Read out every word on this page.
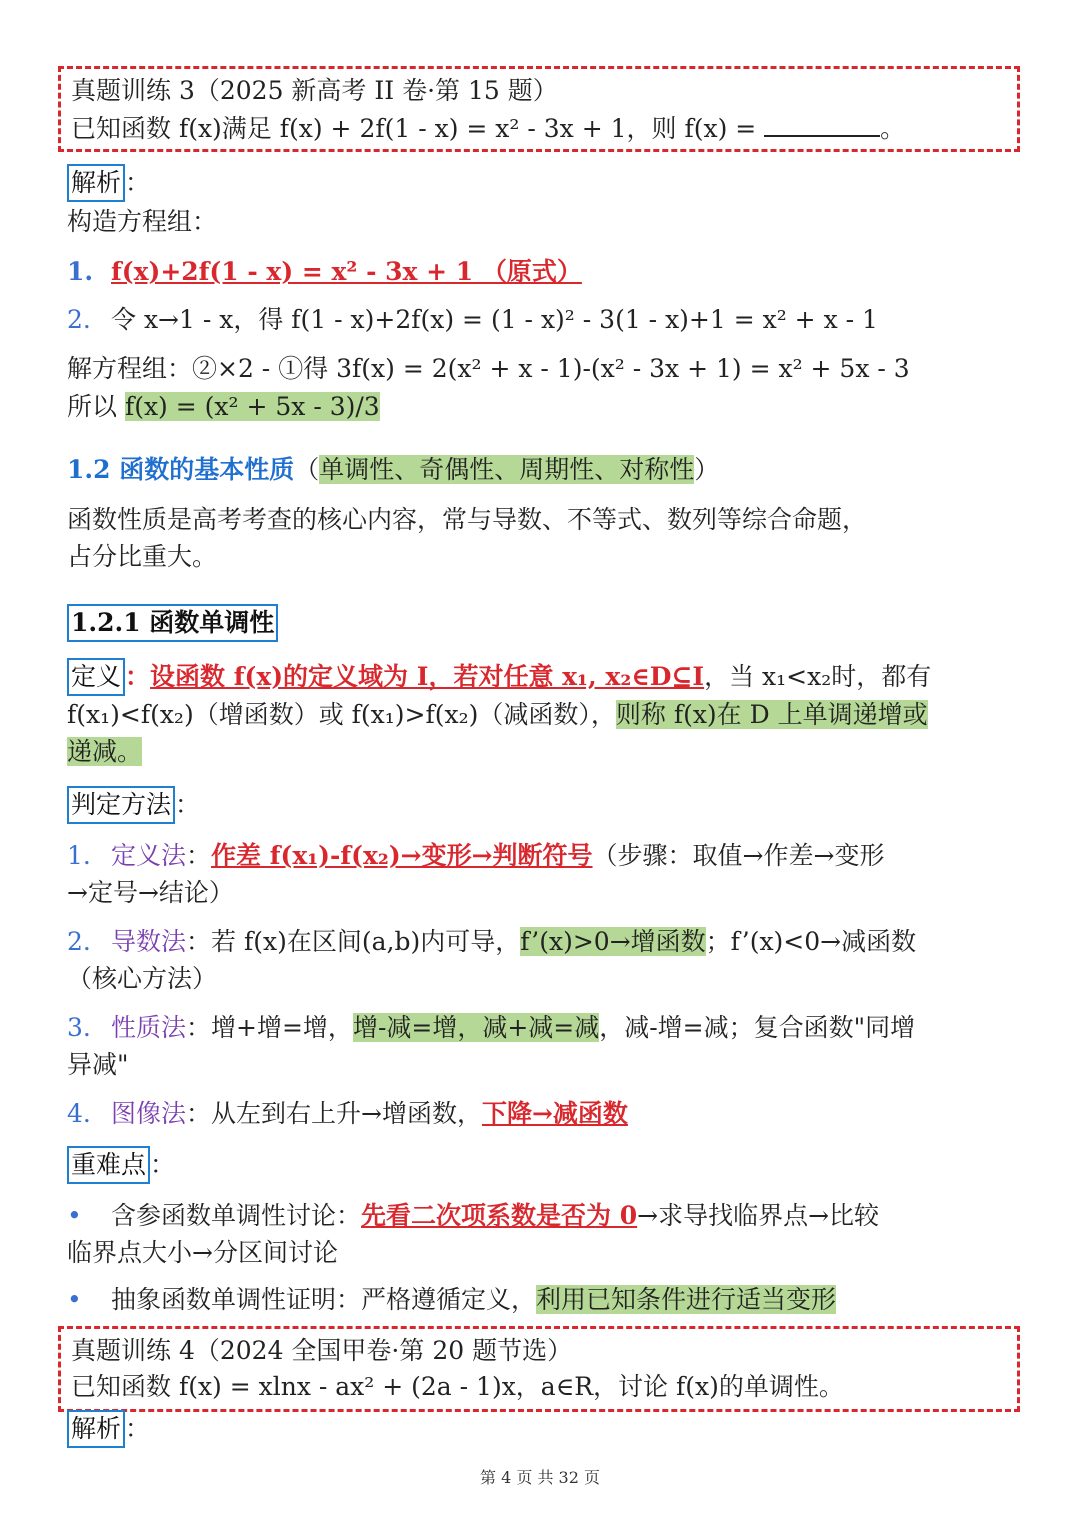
真题训练 3（2025 新高考 II 卷·第 15 题）
已知函数 f(x)满足 f(x) + 2f(1 - x) = x² - 3x + 1，则 f(x) =	。
解析 ：
构造方程组：
1. f(x)+2f(1 - x) = x² - 3x + 1 （原式）
2. 令 x→1 - x，得 f(1 - x)+2f(x) = (1 - x)² - 3(1 - x)+1 = x² + x - 1
解方程组：②×2 - ①得 3f(x) = 2(x² + x - 1)-(x² - 3x + 1) = x² + 5x - 3
所以 f(x) = (x² + 5x - 3)/3
1.2 函数的基本性质（单调性、奇偶性、周期性、对称性）
函数性质是高考考查的核心内容，常与导数、不等式、数列等综合命题，
占分比重大。
1.2.1 函数单调性
定义 ：设函数 f(x)的定义域为 I，若对任意 x₁, x₂∈D⊆I，当 x₁<x₂时，都有
f(x₁)<f(x₂)（增函数）或 f(x₁)>f(x₂)（减函数），则称 f(x)在 D 上单调递增或
递减。
判定方法 ：
1. 定义法：作差 f(x₁)-f(x₂)→变形→判断符号（步骤：取值→作差→变形
→定号→结论）
2. 导数法：若 f(x)在区间(a,b)内可导，f’(x)>0→增函数；f’(x)<0→减函数
（核心方法）
3. 性质法：增+增=增，增-减=增，减+减=减，减-增=减；复合函数"同增
异减"
4. 图像法：从左到右上升→增函数，下降→减函数
重难点 ：
• 含参函数单调性讨论：先看二次项系数是否为 0→求导找临界点→比较
临界点大小→分区间讨论
• 抽象函数单调性证明：严格遵循定义，利用已知条件进行适当变形
真题训练 4（2024 全国甲卷·第 20 题节选）
已知函数 f(x) = xlnx - ax² + (2a - 1)x，a∈R，讨论 f(x)的单调性。
解析 ：
第 4 页 共 32 页
